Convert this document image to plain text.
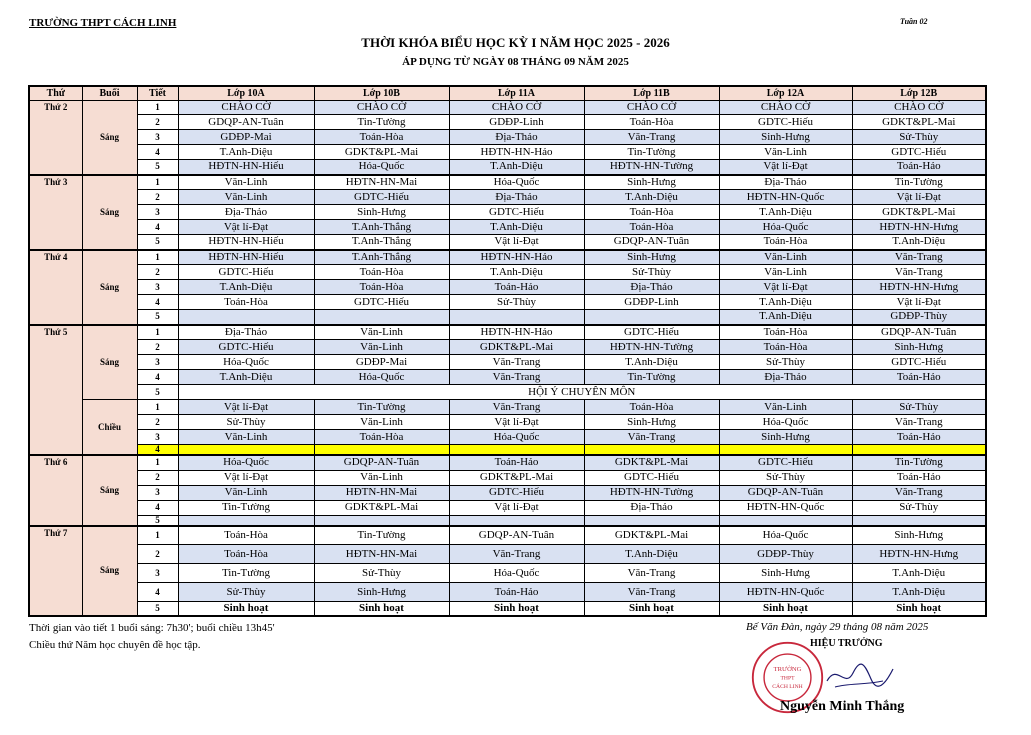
TRƯỜNG THPT CÁCH LINH	Tuần 02
THỜI KHÓA BIỂU HỌC KỲ I NĂM HỌC 2025 - 2026
ÁP DỤNG TỪ NGÀY 08 THÁNG 09 NĂM 2025
Thứ	Buổi	Tiết	Lớp 10A	Lớp 10B	Lớp 11A	Lớp 11B	Lớp 12A	Lớp 12B
Thứ 2	Sáng	1	CHÀO CỜ	CHÀO CỜ	CHÀO CỜ	CHÀO CỜ	CHÀO CỜ	CHÀO CỜ
		2	GDQP-AN-Tuân	Tin-Tường	GDĐP-Linh	Toán-Hòa	GDTC-Hiếu	GDKT&PL-Mai
		3	GDĐP-Mai	Toán-Hòa	Địa-Thảo	Văn-Trang	Sinh-Hưng	Sử-Thùy
		4	T.Anh-Diệu	GDKT&PL-Mai	HĐTN-HN-Hảo	Tin-Tường	Văn-Linh	GDTC-Hiếu
		5	HĐTN-HN-Hiếu	Hóa-Quốc	T.Anh-Diệu	HĐTN-HN-Tường	Vật lí-Đạt	Toán-Hảo
Thứ 3	Sáng	1	Văn-Linh	HĐTN-HN-Mai	Hóa-Quốc	Sinh-Hưng	Địa-Thảo	Tin-Tường
		2	Văn-Linh	GDTC-Hiếu	Địa-Thảo	T.Anh-Diệu	HĐTN-HN-Quốc	Vật lí-Đạt
		3	Địa-Thảo	Sinh-Hưng	GDTC-Hiếu	Toán-Hòa	T.Anh-Diệu	GDKT&PL-Mai
		4	Vật lí-Đạt	T.Anh-Thắng	T.Anh-Diệu	Toán-Hòa	Hóa-Quốc	HĐTN-HN-Hưng
		5	HĐTN-HN-Hiếu	T.Anh-Thắng	Vật lí-Đạt	GDQP-AN-Tuân	Toán-Hòa	T.Anh-Diệu
Thứ 4	Sáng	1	HĐTN-HN-Hiếu	T.Anh-Thắng	HĐTN-HN-Hảo	Sinh-Hưng	Văn-Linh	Văn-Trang
		2	GDTC-Hiếu	Toán-Hòa	T.Anh-Diệu	Sử-Thùy	Văn-Linh	Văn-Trang
		3	T.Anh-Diệu	Toán-Hòa	Toán-Hảo	Địa-Thảo	Vật lí-Đạt	HĐTN-HN-Hưng
		4	Toán-Hòa	GDTC-Hiếu	Sử-Thùy	GDĐP-Linh	T.Anh-Diệu	Vật lí-Đạt
		5					T.Anh-Diệu	GDĐP-Thùy
Thứ 5	Sáng	1	Địa-Thảo	Văn-Linh	HĐTN-HN-Hảo	GDTC-Hiếu	Toán-Hòa	GDQP-AN-Tuân
		2	GDTC-Hiếu	Văn-Linh	GDKT&PL-Mai	HĐTN-HN-Tường	Toán-Hòa	Sinh-Hưng
		3	Hóa-Quốc	GDĐP-Mai	Văn-Trang	T.Anh-Diệu	Sử-Thùy	GDTC-Hiếu
		4	T.Anh-Diệu	Hóa-Quốc	Văn-Trang	Tin-Tường	Địa-Thảo	Toán-Hảo
		5	HỘI Ý CHUYÊN MÔN					
	Chiều	1	Vật lí-Đạt	Tin-Tường	Văn-Trang	Toán-Hòa	Văn-Linh	Sử-Thùy
		2	Sử-Thùy	Văn-Linh	Vật lí-Đạt	Sinh-Hưng	Hóa-Quốc	Văn-Trang
		3	Văn-Linh	Toán-Hòa	Hóa-Quốc	Văn-Trang	Sinh-Hưng	Toán-Hảo
		4						
Thứ 6	Sáng	1	Hóa-Quốc	GDQP-AN-Tuân	Toán-Hảo	GDKT&PL-Mai	GDTC-Hiếu	Tin-Tường
		2	Vật lí-Đạt	Văn-Linh	GDKT&PL-Mai	GDTC-Hiếu	Sử-Thùy	Toán-Hảo
		3	Văn-Linh	HĐTN-HN-Mai	GDTC-Hiếu	HĐTN-HN-Tường	GDQP-AN-Tuân	Văn-Trang
		4	Tin-Tường	GDKT&PL-Mai	Vật lí-Đạt	Địa-Thảo	HĐTN-HN-Quốc	Sử-Thùy
		5						
Thứ 7	Sáng	1	Toán-Hòa	Tin-Tường	GDQP-AN-Tuân	GDKT&PL-Mai	Hóa-Quốc	Sinh-Hưng
		2	Toán-Hòa	HĐTN-HN-Mai	Văn-Trang	T.Anh-Diệu	GDĐP-Thùy	HĐTN-HN-Hưng
		3	Tin-Tường	Sử-Thùy	Hóa-Quốc	Văn-Trang	Sinh-Hưng	T.Anh-Diệu
		4	Sử-Thùy	Sinh-Hưng	Toán-Hảo	Văn-Trang	HĐTN-HN-Quốc	T.Anh-Diệu
		5	Sinh hoạt	Sinh hoạt	Sinh hoạt	Sinh hoạt	Sinh hoạt	Sinh hoạt
Thời gian vào tiết 1 buổi sáng: 7h30'; buổi chiều 13h45'
Chiều thứ Năm học chuyên đề học tập.
Bế Văn Đàn, ngày 29 tháng 08 năm 2025
TRƯỜNG
THPT
CÁCH LINH
HIỆU TRƯỞNG
Nguyễn Minh Thắng
